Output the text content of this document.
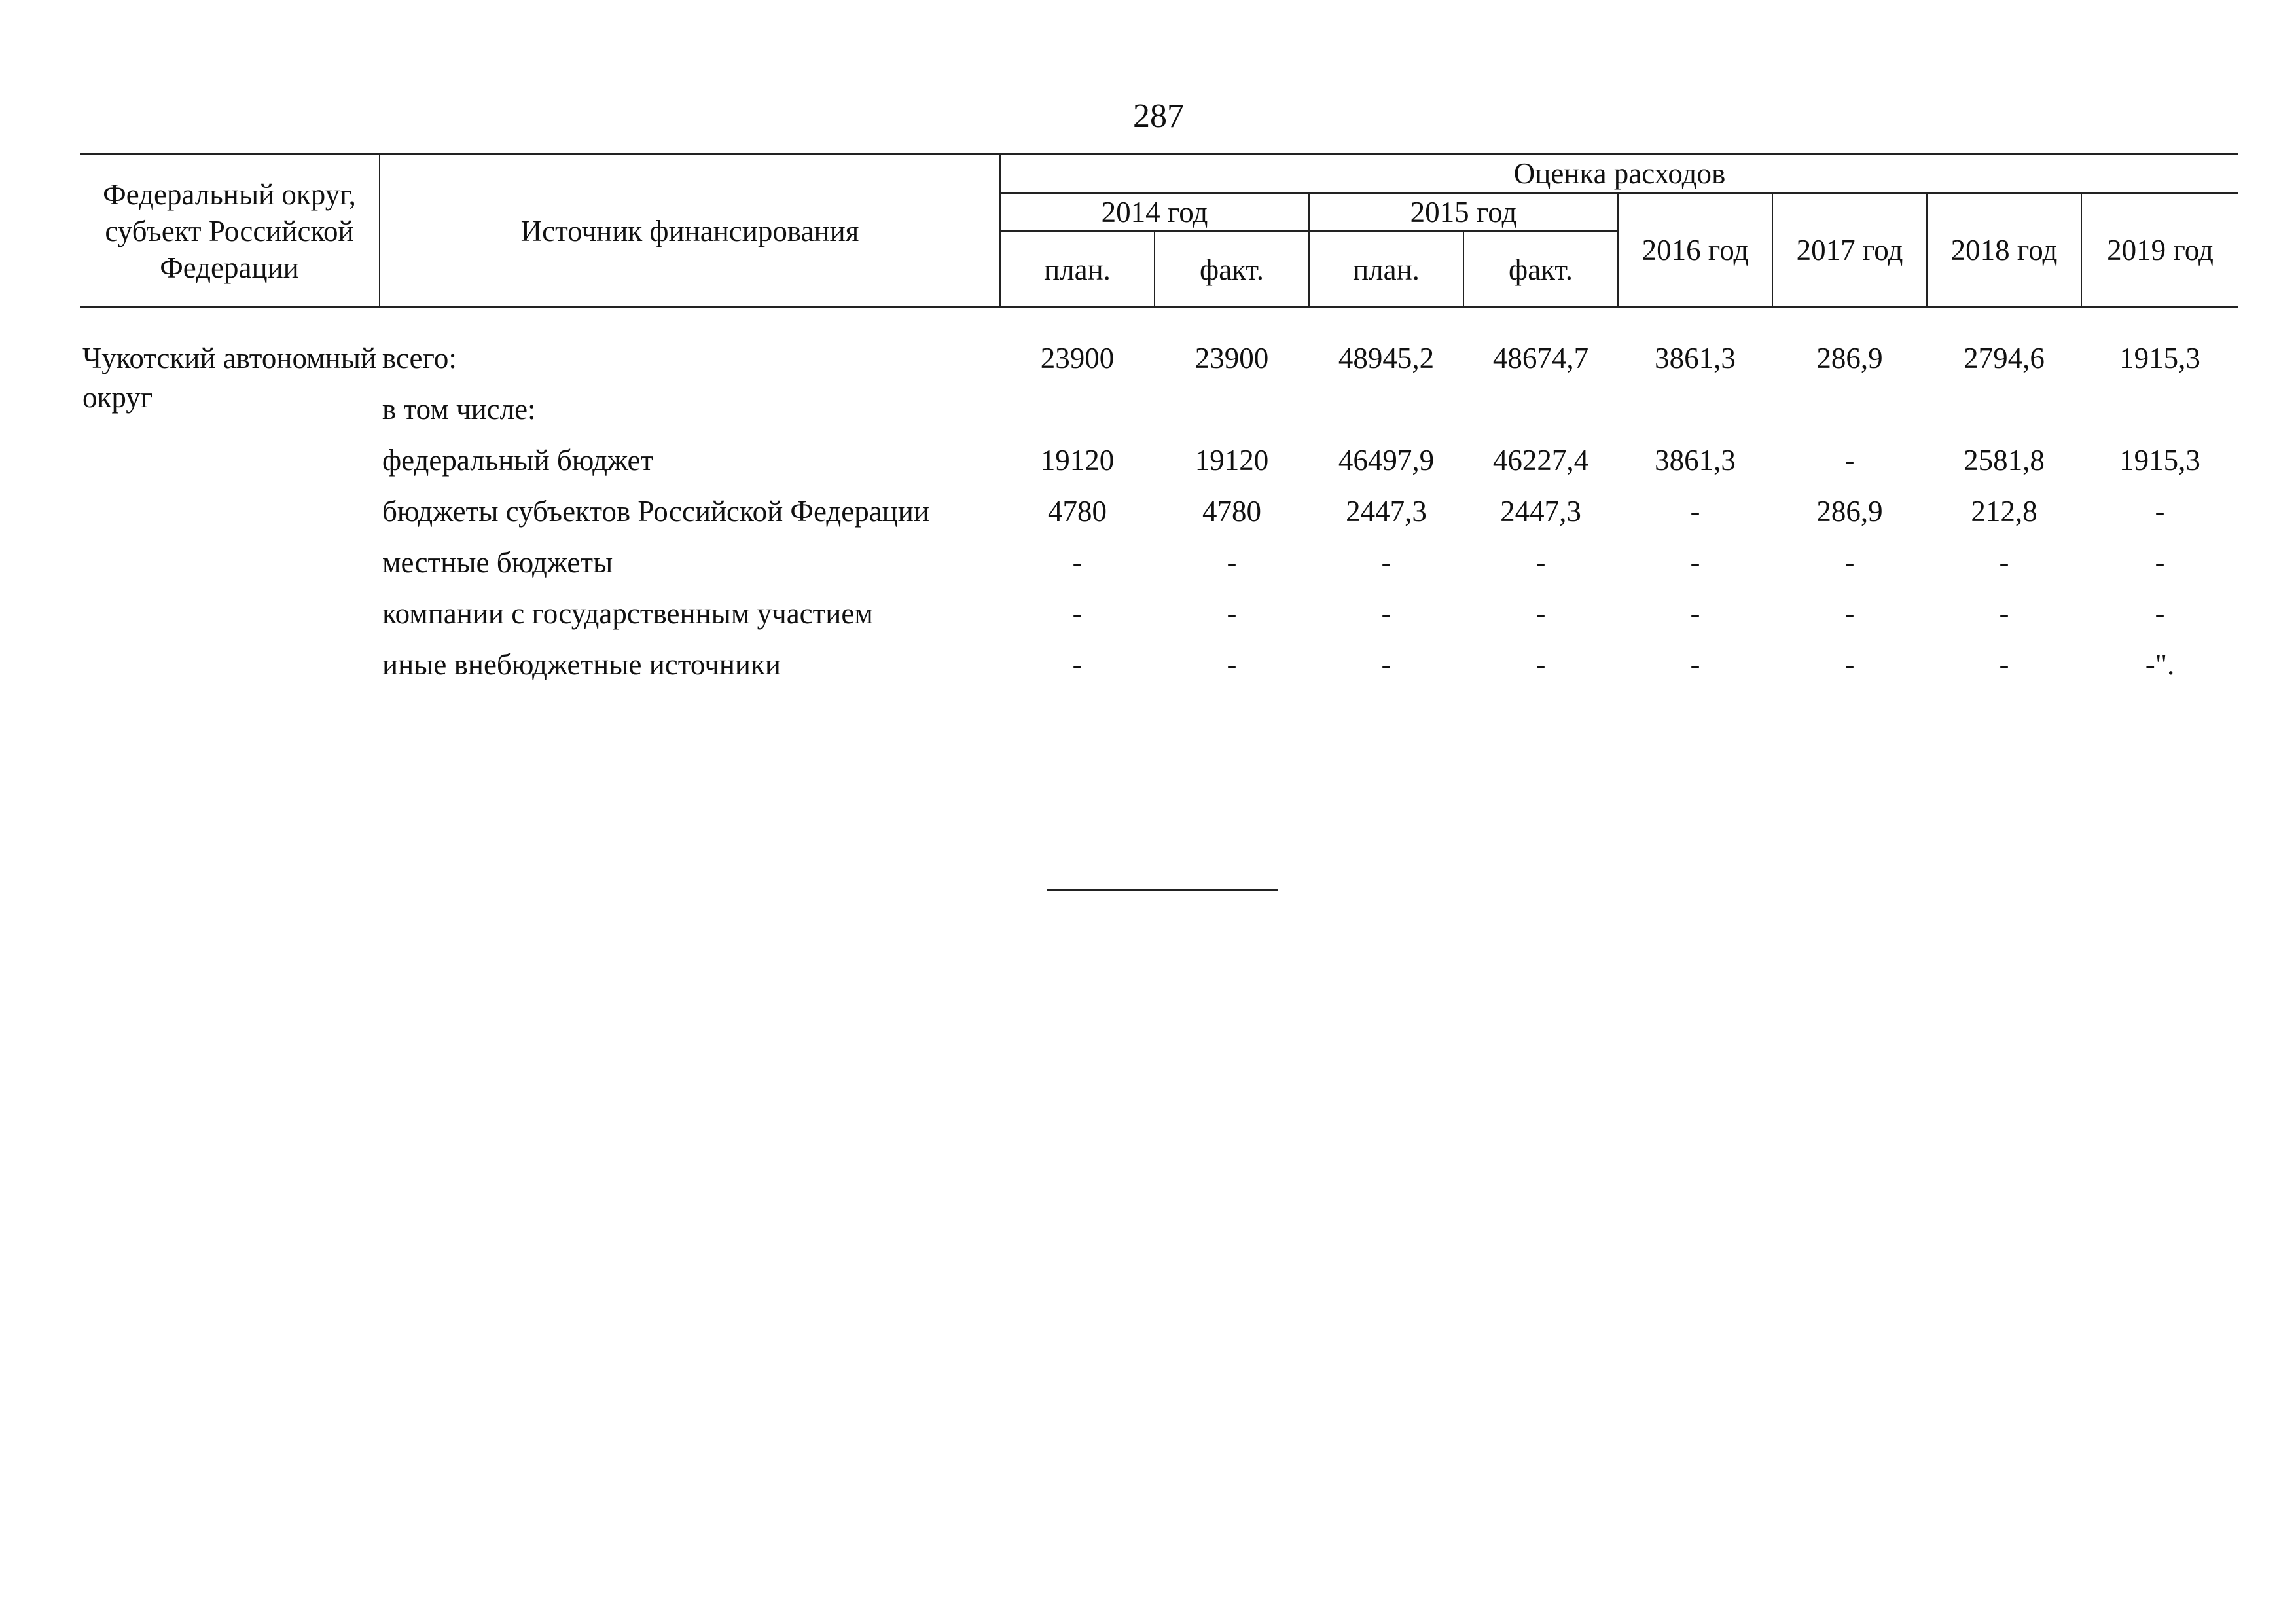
287
Федеральный округ, субъект Российской Федерации	Источник финансирования	Оценка расходов							
		2014 год		2015 год		2016 год	2017 год	2018 год	2019 год
		план.	факт.	план.	факт.				

Чукотский автономный округ	всего:	23900	23900	48945,2	48674,7	3861,3	286,9	2794,6	1915,3
	в том числе:								
	федеральный бюджет	19120	19120	46497,9	46227,4	3861,3	-	2581,8	1915,3
	бюджеты субъектов Российской Федерации	4780	4780	2447,3	2447,3	-	286,9	212,8	-
	местные бюджеты	-	-	-	-	-	-	-	-
	компании с государственным участием	-	-	-	-	-	-	-	-
	иные внебюджетные источники	-	-	-	-	-	-	-	-".
